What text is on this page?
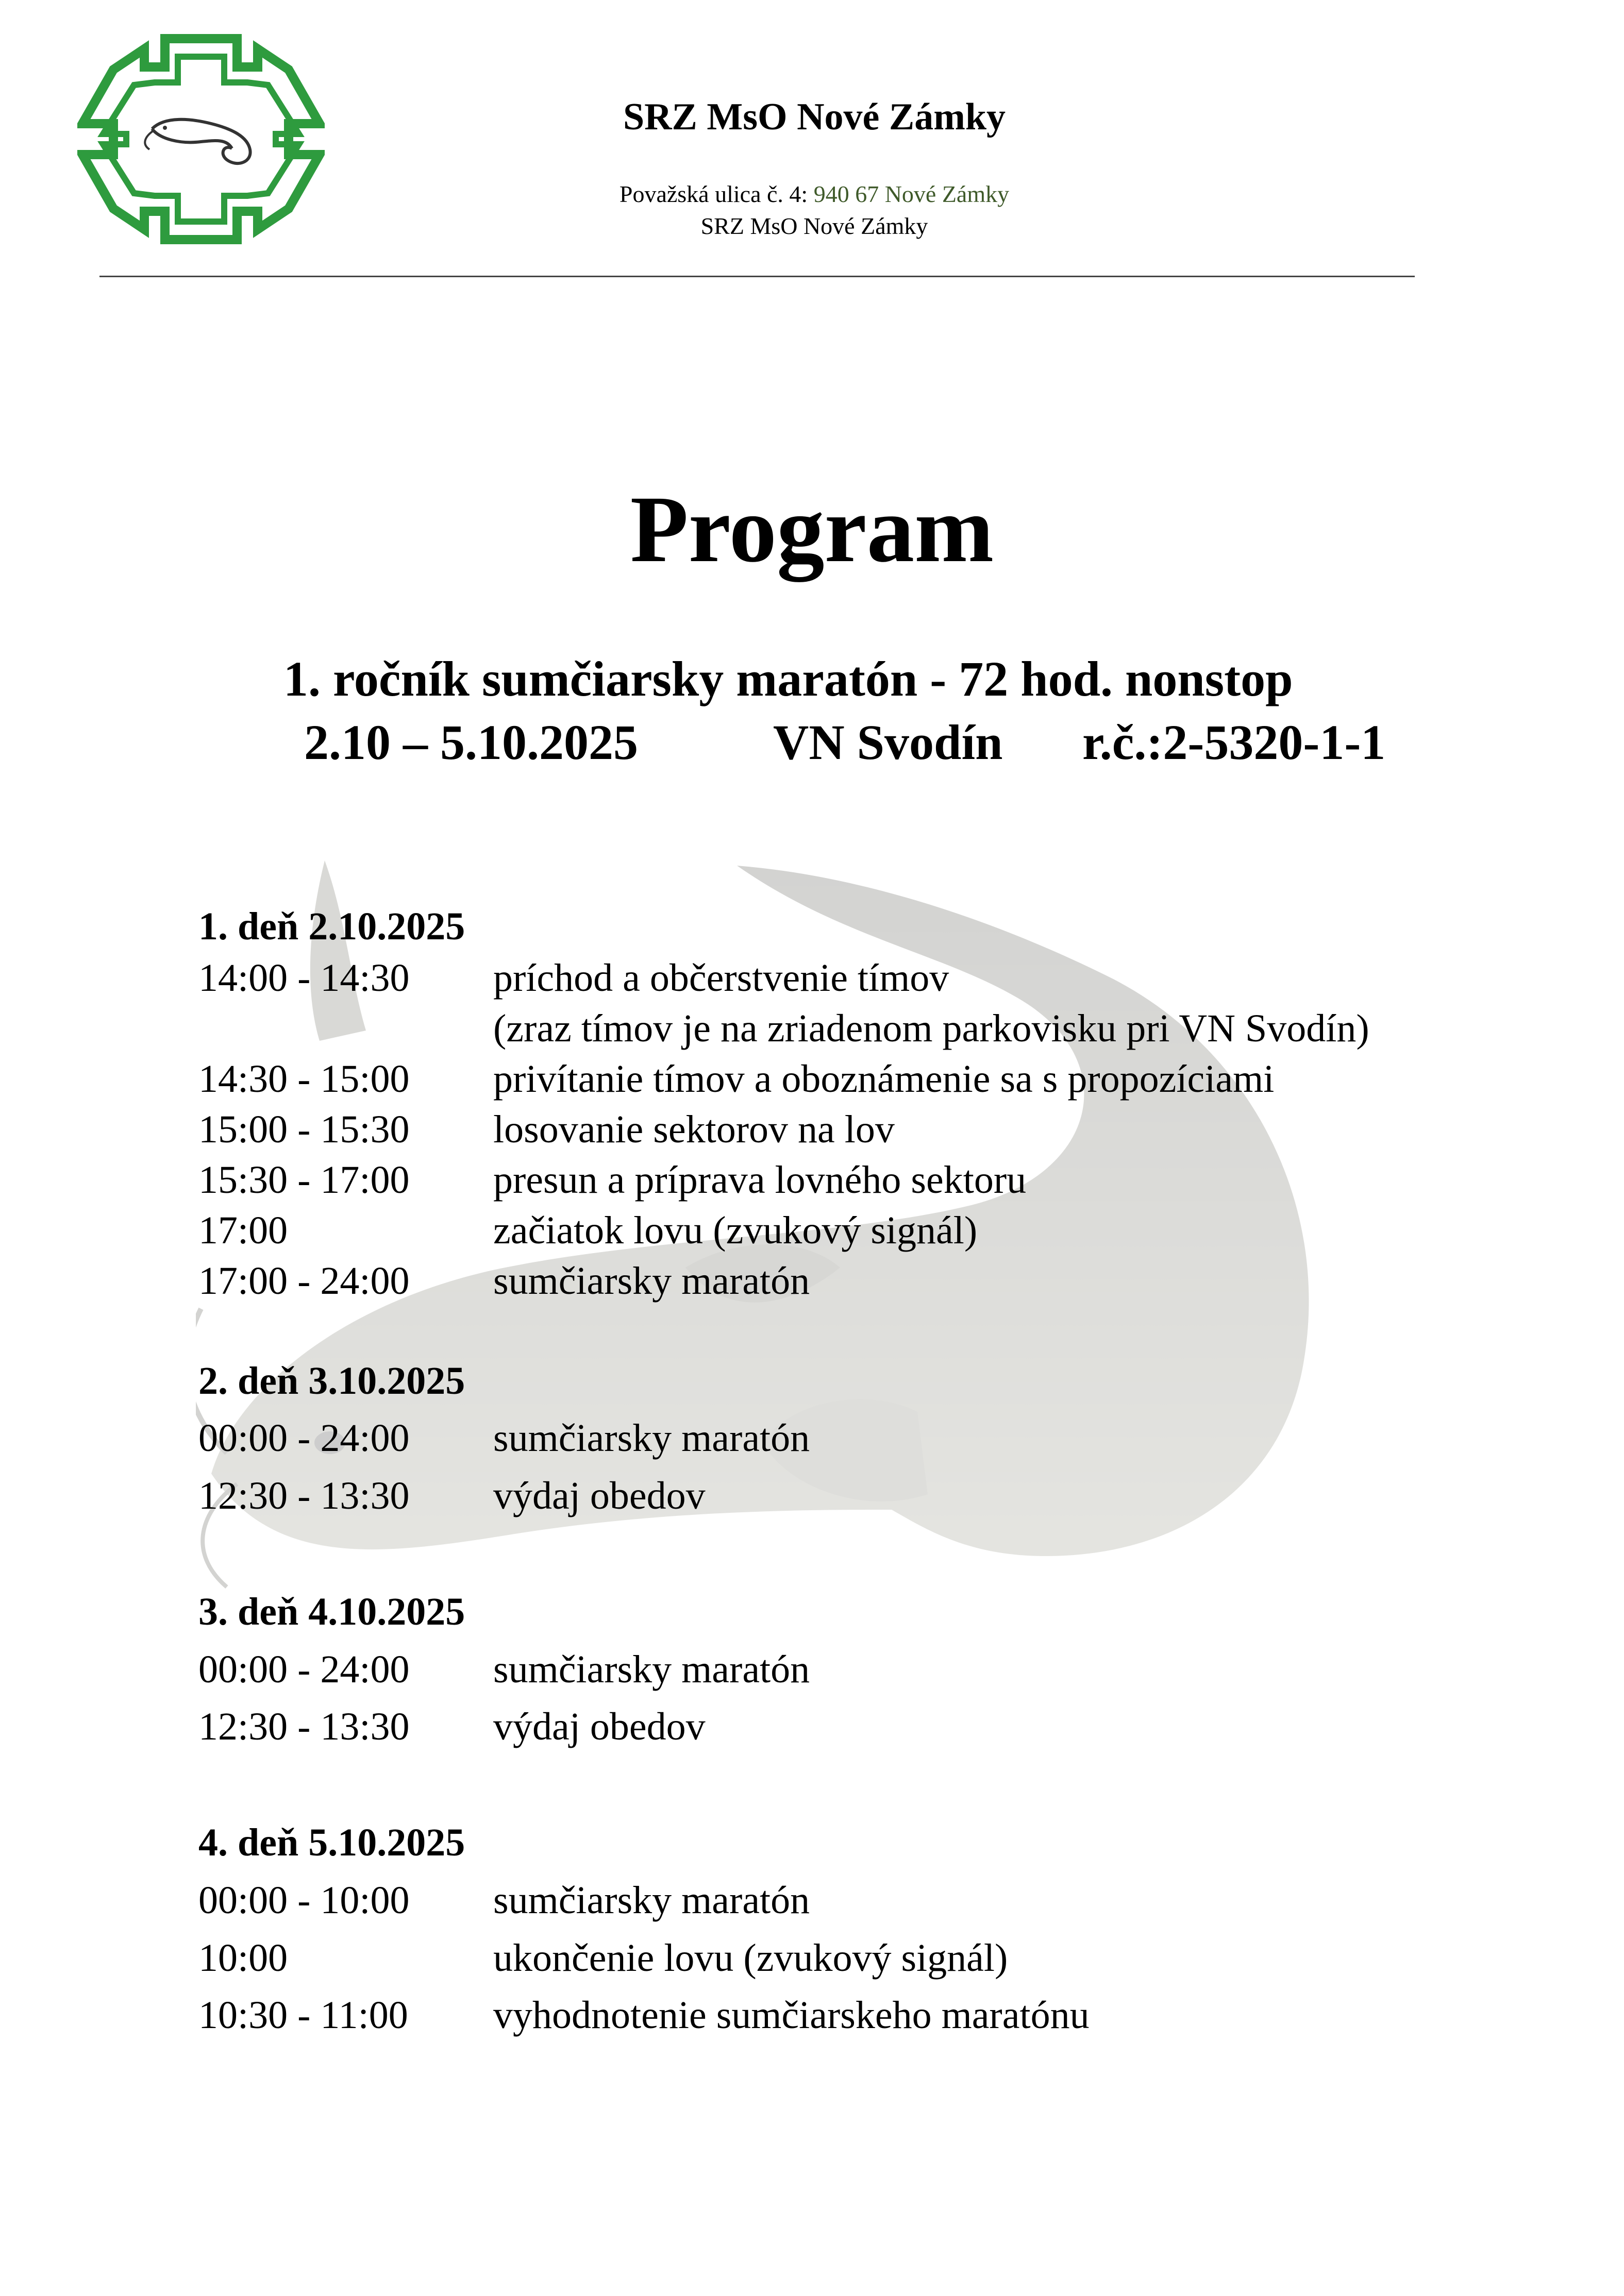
SRZ MsO Nové Zámky
Považská ulica č. 4: 940 67 Nové Zámky
SRZ MsO Nové Zámky
Program
1. ročník sumčiarsky maratón - 72 hod. nonstop
2.10 – 5.10.2025	VN Svodín r.č.:2-5320-1-1
1. deň 2.10.2025
14:00 - 14:30 príchod a občerstvenie tímov
(zraz tímov je na zriadenom parkovisku pri VN Svodín)
14:30 - 15:00 privítanie tímov a oboznámenie sa s propozíciami
15:00 - 15:30 losovanie sektorov na lov
15:30 - 17:00 presun a príprava lovného sektoru
17:00	začiatok lovu (zvukový signál)
17:00 - 24:00 sumčiarsky maratón
2. deň 3.10.2025
00:00 - 24:00 sumčiarsky maratón
12:30 - 13:30 výdaj obedov
3. deň 4.10.2025
00:00 - 24:00 sumčiarsky maratón
12:30 - 13:30 výdaj obedov
4. deň 5.10.2025
00:00 - 10:00 sumčiarsky maratón
10:00	ukončenie lovu (zvukový signál)
10:30 - 11:00 vyhodnotenie sumčiarskeho maratónu
